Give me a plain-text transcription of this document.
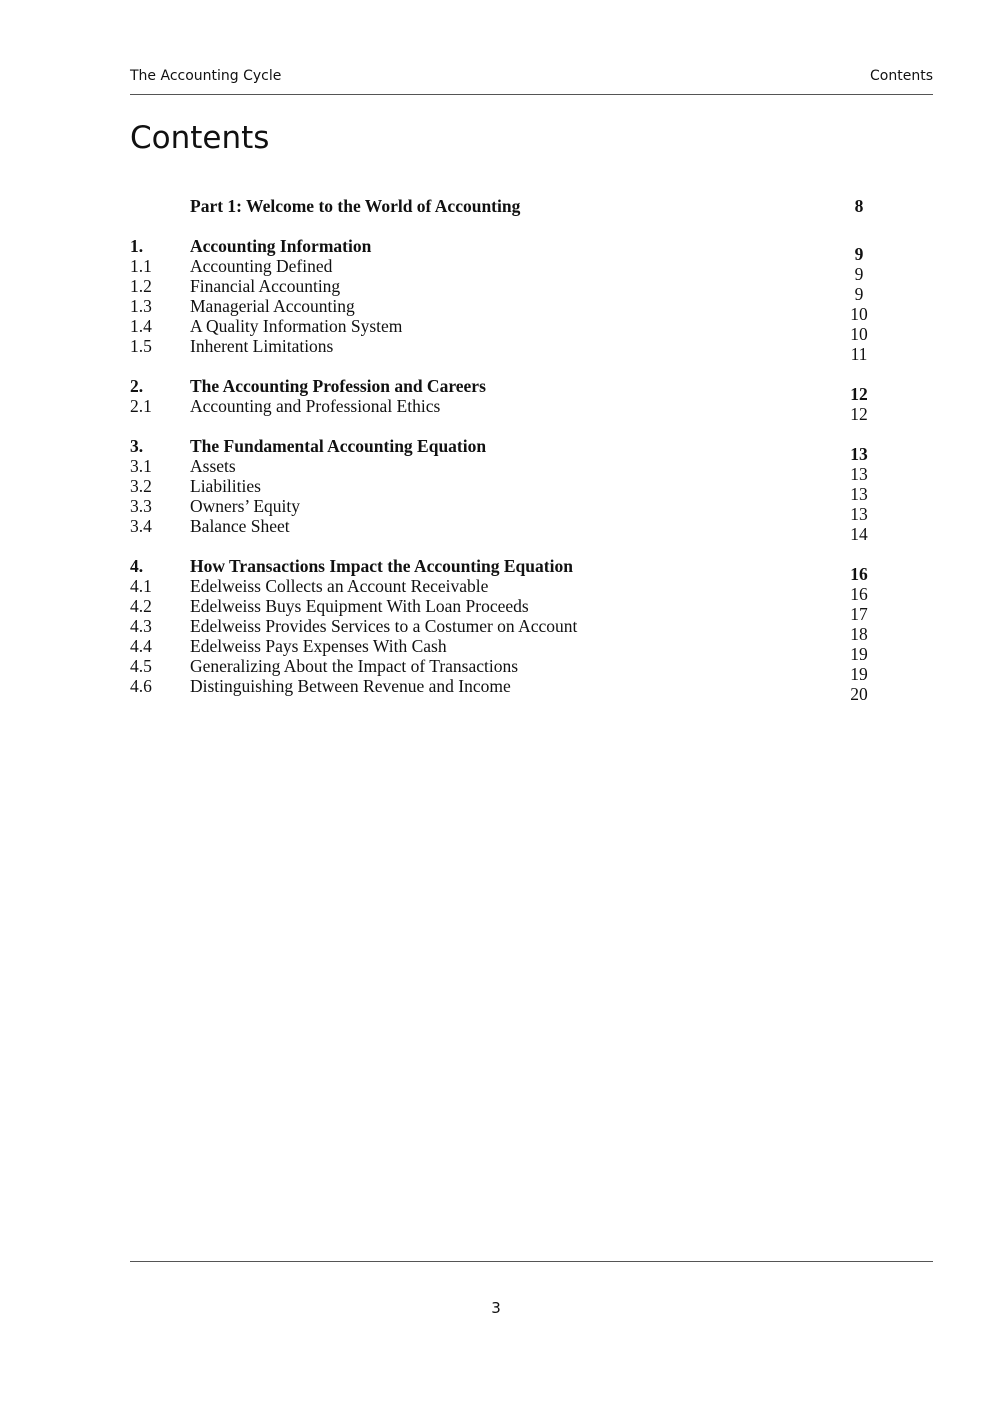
The Accounting Cycle	Contents
Contents
Part 1: Welcome to the World of Accounting	8
1.	Accounting Information	9
1.1 Accounting Defined	9
1.2 Financial Accounting	9
1.3 Managerial Accounting	10
1.4 A Quality Information System	10
1.5 Inherent Limitations	11
2.	The Accounting Profession and Careers	12
2.1 Accounting and Professional Ethics	12
3.	The Fundamental Accounting Equation	13
3.1 Assets	13
3.2 Liabilities	13
3.3 Owners’ Equity	13
3.4 Balance Sheet	14
4.	How Transactions Impact the Accounting Equation	16
4.1 Edelweiss Collects an Account Receivable	16
4.2 Edelweiss Buys Equipment With Loan Proceeds	17
4.3 Edelweiss Provides Services to a Costumer on Account	18
4.4 Edelweiss Pays Expenses With Cash	19
4.5 Generalizing About the Impact of Transactions	19
4.6 Distinguishing Between Revenue and Income	20
3
